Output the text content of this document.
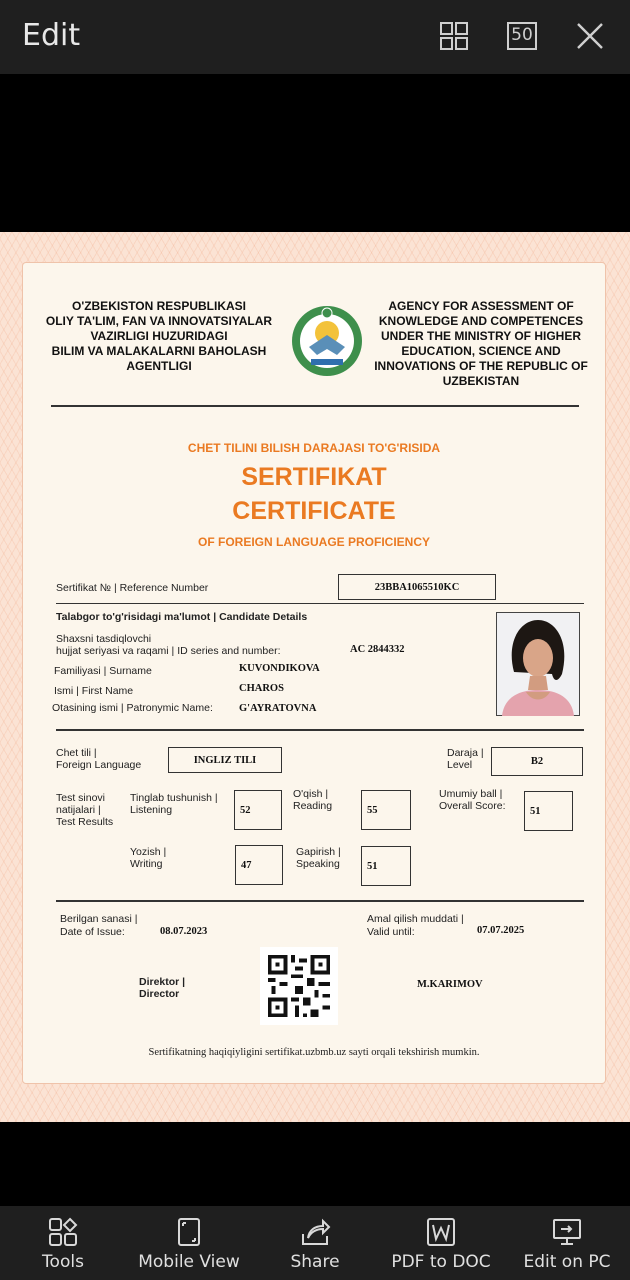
Edit	50
O'ZBEKISTON RESPUBLIKASI
OLIY TA'LIM, FAN VA INNOVATSIYALAR
VAZIRLIGI HUZURIDAGI
BILIM VA MALAKALARNI BAHOLASH
AGENTLIGI
AGENCY FOR ASSESSMENT OF
KNOWLEDGE AND COMPETENCES
UNDER THE MINISTRY OF HIGHER
EDUCATION, SCIENCE AND
INNOVATIONS OF THE REPUBLIC OF
UZBEKISTAN
CHET TILINI BILISH DARAJASI TO'G'RISIDA
SERTIFIKAT
CERTIFICATE
OF FOREIGN LANGUAGE PROFICIENCY
Sertifikat № | Reference Number	23BBA1065510KC
Talabgor to'g'risidagi ma'lumot | Candidate Details
Shaxsni tasdiqlovchi
hujjat seriyasi va raqami | ID series and number:	AC 2844332
Familiyasi | Surname	KUVONDIKOVA
Ismi | First Name	CHAROS
Otasining ismi | Patronymic Name: G'AYRATOVNA
Chet tili |
Foreign Language	INGLIZ TILI
Daraja |
Level	B2
Test sinovi
natijalari |
Test Results
Tinglab tushunish |
Listening	52
O'qish |
Reading	55
Umumiy ball |
Overall Score:	51
Yozish |
Writing	47
Gapirish |
Speaking	51
Berilgan sanasi |
Date of Issue:	08.07.2023
Amal qilish muddati |
Valid until:	07.07.2025
Direktor |
Director
M.KARIMOV
Sertifikatning haqiqiyligini sertifikat.uzbmb.uz sayti orqali tekshirish mumkin.
Tools	Mobile View	Share	PDF to DOC	Edit on PC
